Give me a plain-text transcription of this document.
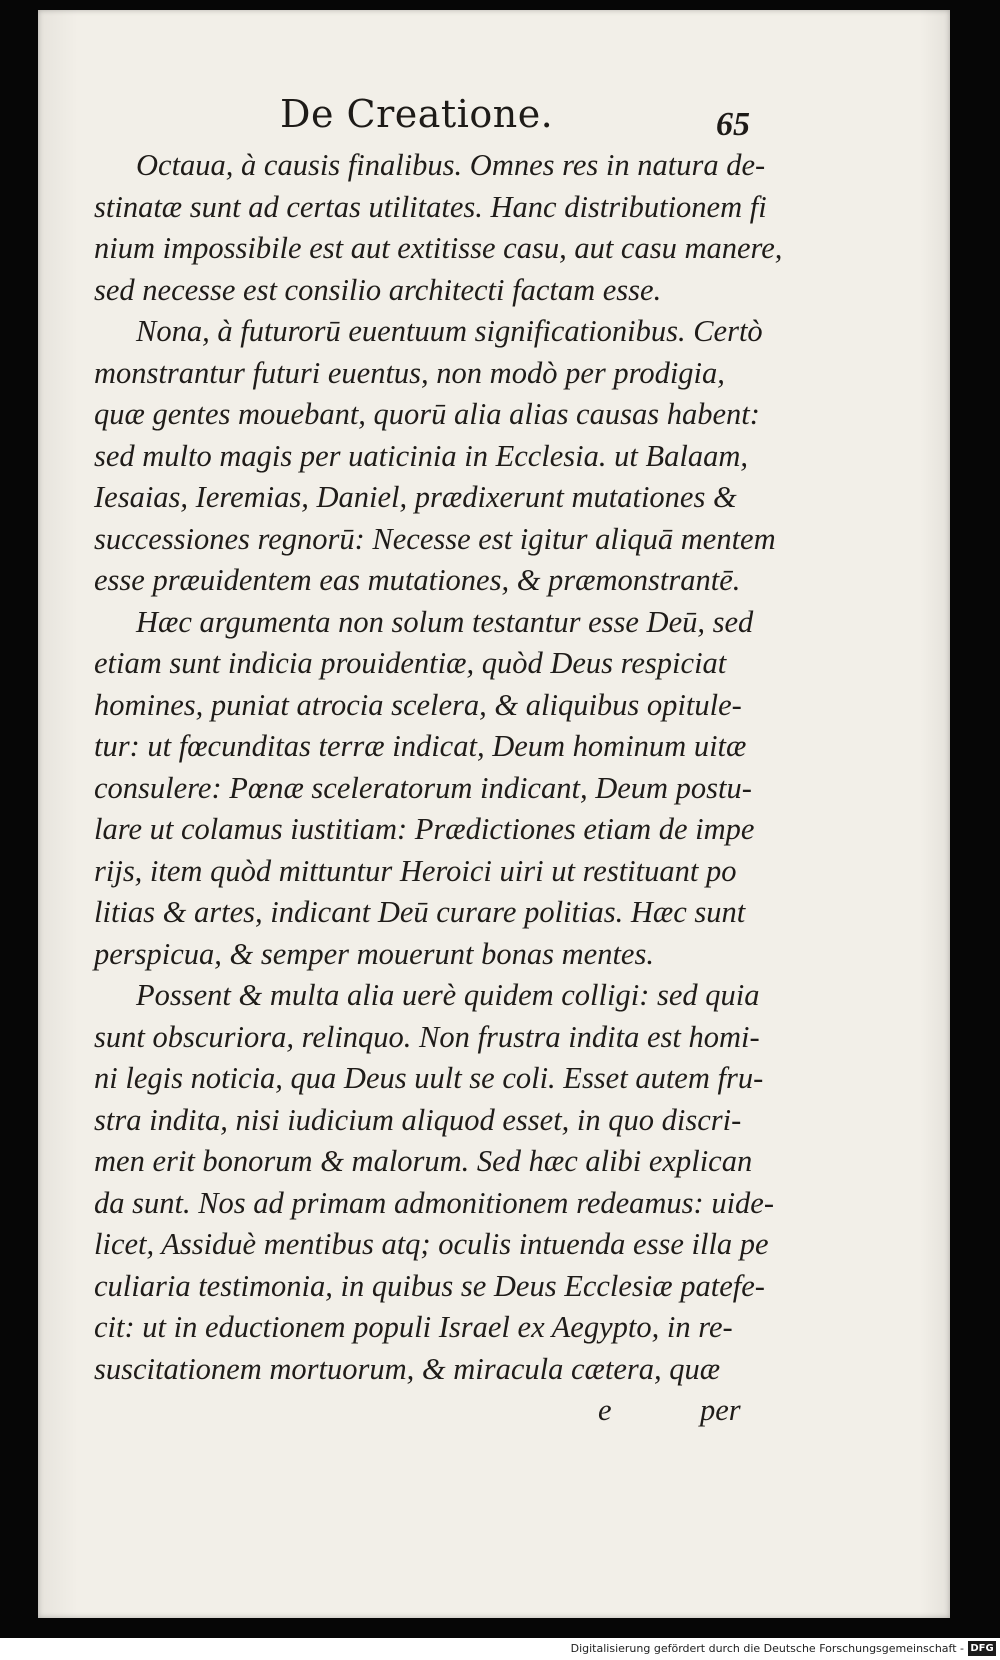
De Creatione.	65
Octaua, à causis finalibus. Omnes res in natura de-
stinatæ sunt ad certas utilitates. Hanc distributionem fi
nium impossibile est aut extitisse casu, aut casu manere,
sed necesse est consilio architecti factam esse.
Nona, à futurorū euentuum significationibus. Certò
monstrantur futuri euentus, non modò per prodigia,
quæ gentes mouebant, quorū alia alias causas habent:
sed multo magis per uaticinia in Ecclesia. ut Balaam,
Iesaias, Ieremias, Daniel, prædixerunt mutationes &
successiones regnorū: Necesse est igitur aliquā mentem
esse præuidentem eas mutationes, & præmonstrantē.
Hæc argumenta non solum testantur esse Deū, sed
etiam sunt indicia prouidentiæ, quòd Deus respiciat
homines, puniat atrocia scelera, & aliquibus opitule-
tur: ut fœcunditas terræ indicat, Deum hominum uitæ
consulere: Pœnæ sceleratorum indicant, Deum postu-
lare ut colamus iustitiam: Prædictiones etiam de impe
rijs, item quòd mittuntur Heroici uiri ut restituant po
litias & artes, indicant Deū curare politias. Hæc sunt
perspicua, & semper mouerunt bonas mentes.
Possent & multa alia uerè quidem colligi: sed quia
sunt obscuriora, relinquo. Non frustra indita est homi-
ni legis noticia, qua Deus uult se coli. Esset autem fru-
stra indita, nisi iudicium aliquod esset, in quo discri-
men erit bonorum & malorum. Sed hæc alibi explican
da sunt. Nos ad primam admonitionem redeamus: uide-
licet, Assiduè mentibus atq; oculis intuenda esse illa pe
culiaria testimonia, in quibus se Deus Ecclesiæ patefe-
cit: ut in eductionem populi Israel ex Aegypto, in re-
suscitationem mortuorum, & miracula cætera, quæ
e	per
Digitalisierung gefördert durch die Deutsche Forschungsgemeinschaft - DFG
